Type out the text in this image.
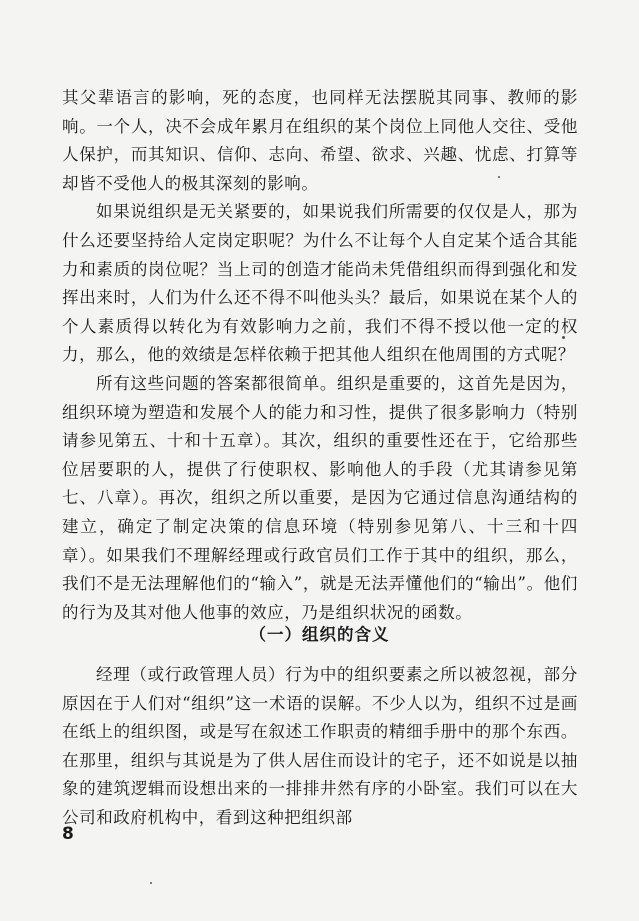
其父辈语言的影响，死的态度，也同样无法摆脱其同事、教师的影响。一个人，决不会成年累月在组织的某个岗位上同他人交往、受他人保护，而其知识、信仰、志向、希望、欲求、兴趣、忧虑、打算等却皆不受他人的极其深刻的影响。

如果说组织是无关紧要的，如果说我们所需要的仅仅是人，那为什么还要坚持给人定岗定职呢？为什么不让每个人自定某个适合其能力和素质的岗位呢？当上司的创造才能尚未凭借组织而得到强化和发挥出来时，人们为什么还不得不叫他头头？最后，如果说在某个人的个人素质得以转化为有效影响力之前，我们不得不授以他一定的权力，那么，他的效绩是怎样依赖于把其他人组织在他周围的方式呢？

所有这些问题的答案都很简单。组织是重要的，这首先是因为，组织环境为塑造和发展个人的能力和习性，提供了很多影响力（特别请参见第五、十和十五章）。其次，组织的重要性还在于，它给那些位居要职的人，提供了行使职权、影响他人的手段（尤其请参见第七、八章）。再次，组织之所以重要，是因为它通过信息沟通结构的建立，确定了制定决策的信息环境（特别参见第八、十三和十四章）。如果我们不理解经理或行政官员们工作于其中的组织，那么，我们不是无法理解他们的“输入”，就是无法弄懂他们的“输出”。他们的行为及其对他人他事的效应，乃是组织状况的函数。

（一）组织的含义

经理（或行政管理人员）行为中的组织要素之所以被忽视，部分原因在于人们对“组织”这一术语的误解。不少人以为，组织不过是画在纸上的组织图，或是写在叙述工作职责的精细手册中的那个东西。在那里，组织与其说是为了供人居住而设计的宅子，还不如说是以抽象的建筑逻辑而设想出来的一排排井然有序的小卧室。我们可以在大公司和政府机构中，看到这种把组织部

8
